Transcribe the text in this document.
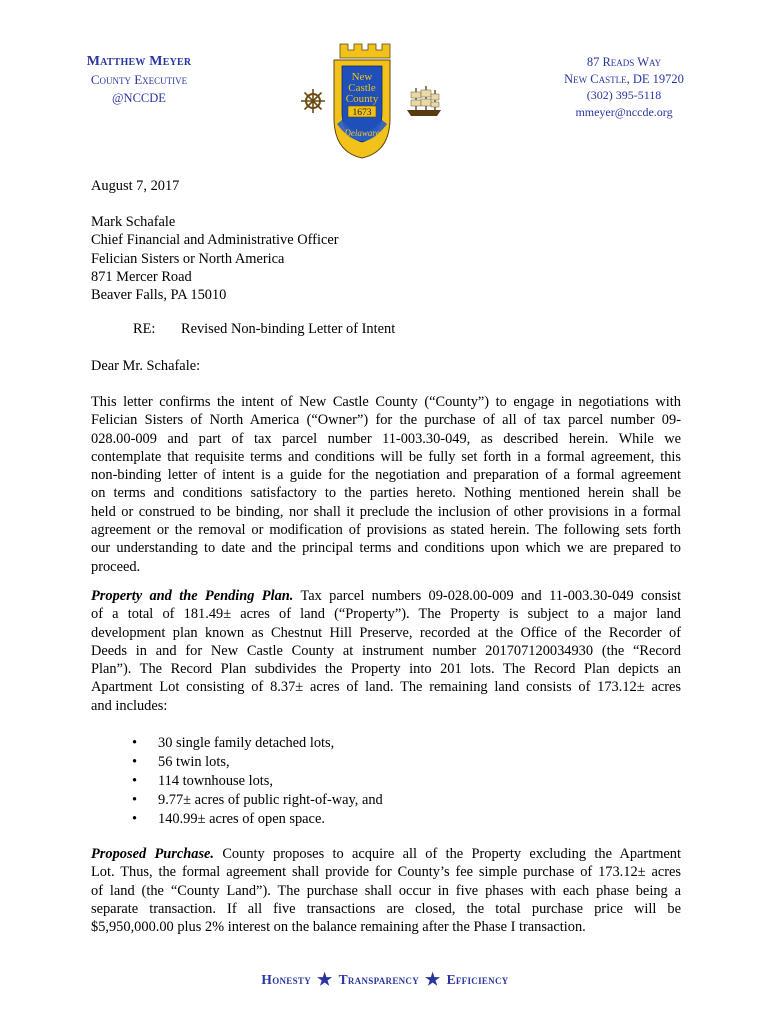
Matthew Meyer
County Executive
@NCCDE
New
Castle
County
1673
Delaware
87 Reads Way
New Castle, DE 19720
(302) 395-5118
mmeyer@nccde.org
August 7, 2017
Mark Schafale
Chief Financial and Administrative Officer
Felician Sisters or North America
871 Mercer Road
Beaver Falls, PA 15010
RE: Revised Non-binding Letter of Intent
Dear Mr. Schafale:
This letter confirms the intent of New Castle County (“County”) to engage in negotiations with
Felician Sisters of North America (“Owner”) for the purchase of all of tax parcel number 09-
028.00-009 and part of tax parcel number 11-003.30-049, as described herein. While we
contemplate that requisite terms and conditions will be fully set forth in a formal agreement, this
non-binding letter of intent is a guide for the negotiation and preparation of a formal agreement
on terms and conditions satisfactory to the parties hereto. Nothing mentioned herein shall be
held or construed to be binding, nor shall it preclude the inclusion of other provisions in a formal
agreement or the removal or modification of provisions as stated herein. The following sets forth
our understanding to date and the principal terms and conditions upon which we are prepared to
proceed.
Property and the Pending Plan. Tax parcel numbers 09-028.00-009 and 11-003.30-049 consist
of a total of 181.49± acres of land (“Property”). The Property is subject to a major land
development plan known as Chestnut Hill Preserve, recorded at the Office of the Recorder of
Deeds in and for New Castle County at instrument number 201707120034930 (the “Record
Plan”). The Record Plan subdivides the Property into 201 lots. The Record Plan depicts an
Apartment Lot consisting of 8.37± acres of land. The remaining land consists of 173.12± acres
and includes:
• 30 single family detached lots,
• 56 twin lots,
• 114 townhouse lots,
• 9.77± acres of public right-of-way, and
• 140.99± acres of open space.
Proposed Purchase. County proposes to acquire all of the Property excluding the Apartment
Lot. Thus, the formal agreement shall provide for County’s fee simple purchase of 173.12± acres
of land (the “County Land”). The purchase shall occur in five phases with each phase being a
separate transaction. If all five transactions are closed, the total purchase price will be
$5,950,000.00 plus 2% interest on the balance remaining after the Phase I transaction.
Honesty ★ Transparency ★ Efficiency
